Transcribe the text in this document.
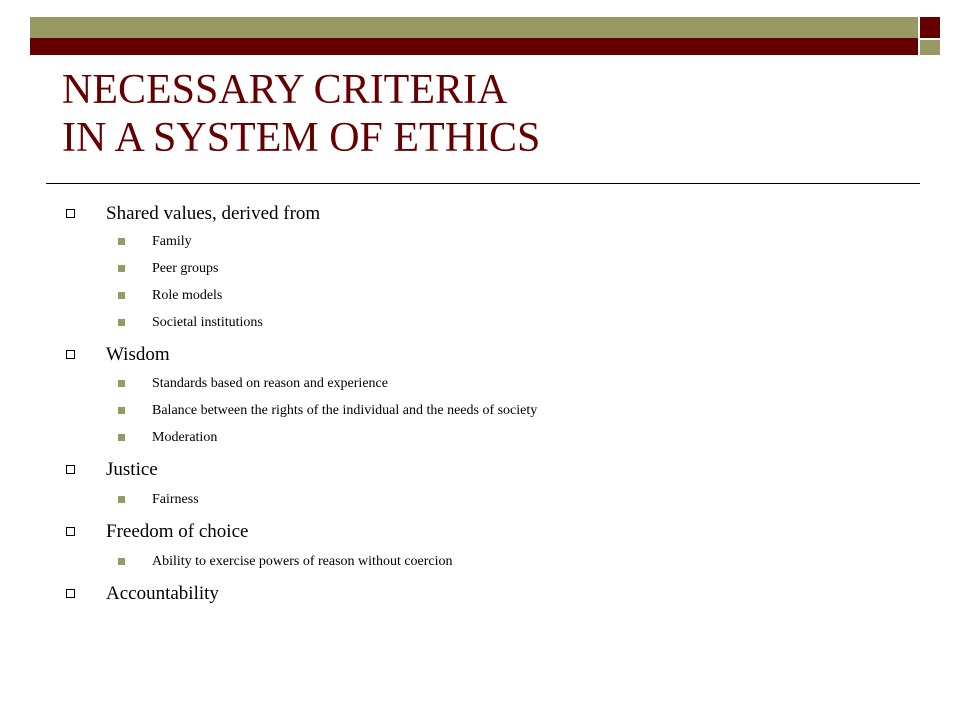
NECESSARY CRITERIA
IN A SYSTEM OF ETHICS
Shared values, derived from
Family
Peer groups
Role models
Societal institutions
Wisdom
Standards based on reason and experience
Balance between the rights of the individual and the needs of society
Moderation
Justice
Fairness
Freedom of choice
Ability to exercise powers of reason without coercion
Accountability
